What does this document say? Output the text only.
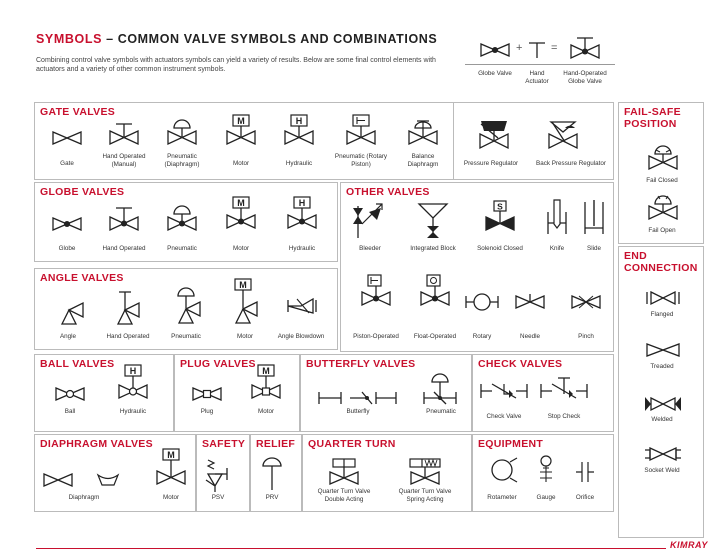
SYMBOLS – COMMON VALVE SYMBOLS AND COMBINATIONS
Combining control valve symbols with actuators symbols can yield a variety of results. Below are some final control elements with actuators and a variety of other common instrument symbols.
+	=
Globe Valve	Hand Actuator
Hand-Operated Globe Valve
GATE VALVES
Gate
Hand Operated (Manual)
Pneumatic (Diaphragm)
M
Motor
H
Hydraulic
Pneumatic (Rotary Piston)
Balance Diaphragm	Pressure Regulator	Back Pressure Regulator
FAIL-SAFE POSITION
Fail Closed
Fail Open
GLOBE VALVES
Globe	Hand Operated	Pneumatic
M
Motor
H
Hydraulic
OTHER VALVES
Bleeder	Integrated Block
S
Solenoid Closed	Knife	Slide
Piston-Operated Float-Operated	Rotary	Needle	Pinch
ANGLE VALVES
Angle	Hand Operated	Pneumatic
M
Motor	Angle Blowdown
END CONNECTION
Flanged
Treaded
Welded
Socket Weld
BALL VALVES
Ball
H
Hydraulic
PLUG VALVES
Plug
M
Motor
BUTTERFLY VALVES
Butterfly	Pneumatic
CHECK VALVES
Check Valve	Stop Check
DIAPHRAGM VALVES
Diaphragm
M
Motor
SAFETY
PSV
RELIEF
PRV
QUARTER TURN
Quarter Turn Valve Double Acting
Quarter Turn Valve Spring Acting
EQUIPMENT
Rotameter	Gauge	Orifice
KIMRAY
